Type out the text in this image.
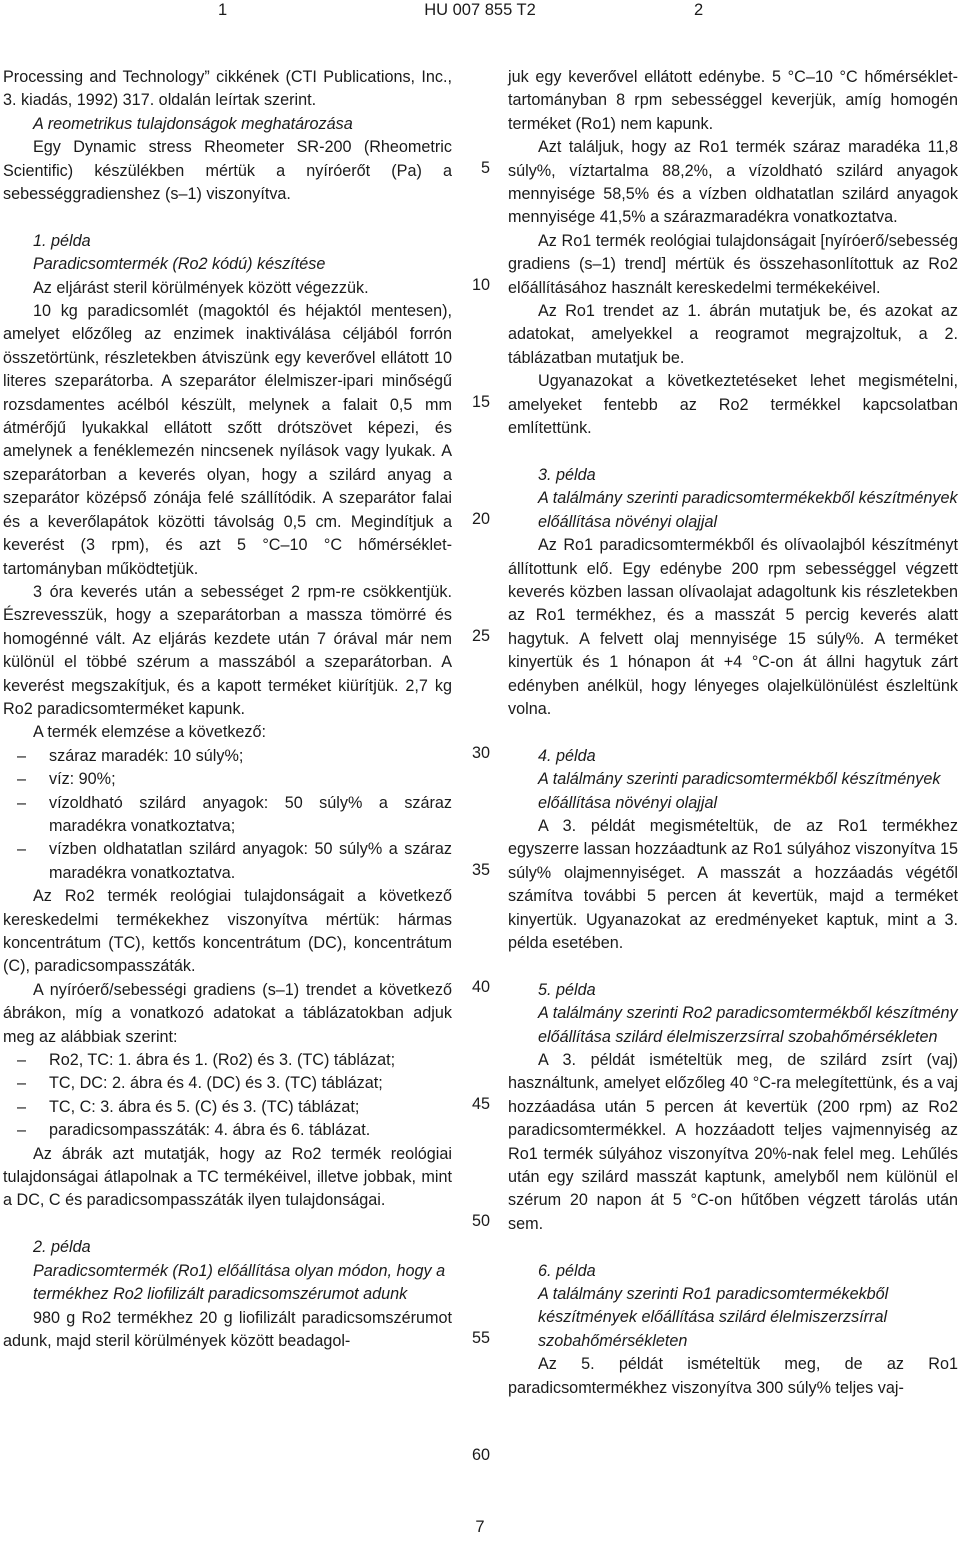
1	HU 007 855 T2	2

Processing and Technology” cikkének (CTI Publications, Inc., 3. kiadás, 1992) 317. oldalán leírtak szerint.

A reometrikus tulajdonságok meghatározása

Egy Dynamic stress Rheometer SR-200 (Rheometric Scientific) készülékben mértük a nyíróerőt (Pa) a sebességgradienshez (s–1) viszonyítva.

1. példa

Paradicsomtermék (Ro2 kódú) készítése

Az eljárást steril körülmények között végezzük.

10 kg paradicsomlét (magoktól és héjaktól mentesen), amelyet előzőleg az enzimek inaktiválása céljából forrón összetörtünk, részletekben átviszünk egy keverővel ellátott 10 literes szeparátorba. A szeparátor élelmiszer-ipari minőségű rozsdamentes acélból készült, melynek a falait 0,5 mm átmérőjű lyukakkal ellátott szőtt drótszövet képezi, és amelynek a fenéklemezén nincsenek nyílások vagy lyukak. A szeparátorban a keverés olyan, hogy a szilárd anyag a szeparátor középső zónája felé szállítódik. A szeparátor falai és a keverőlapátok közötti távolság 0,5 cm. Megindítjuk a keverést (3 rpm), és azt 5 °C–10 °C hőmérséklet-tartományban működtetjük.

3 óra keverés után a sebességet 2 rpm-re csökkentjük. Észrevesszük, hogy a szeparátorban a massza tömörré és homogénné vált. Az eljárás kezdete után 7 órával már nem különül el többé szérum a masszából a szeparátorban. A keverést megszakítjuk, és a kapott terméket kiürítjük. 2,7 kg Ro2 paradicsomterméket kapunk.

A termék elemzése a következő:

– száraz maradék: 10 súly%;
– víz: 90%;
– vízoldható szilárd anyagok: 50 súly% a száraz maradékra vonatkoztatva;
– vízben oldhatatlan szilárd anyagok: 50 súly% a száraz maradékra vonatkoztatva.

Az Ro2 termék reológiai tulajdonságait a következő kereskedelmi termékekhez viszonyítva mértük: hármas koncentrátum (TC), kettős koncentrátum (DC), koncentrátum (C), paradicsompasszáták.

A nyíróerő/sebességi gradiens (s–1) trendet a következő ábrákon, míg a vonatkozó adatokat a táblázatokban adjuk meg az alábbiak szerint:

– Ro2, TC: 1. ábra és 1. (Ro2) és 3. (TC) táblázat;
– TC, DC: 2. ábra és 4. (DC) és 3. (TC) táblázat;
– TC, C: 3. ábra és 5. (C) és 3. (TC) táblázat;
– paradicsompasszáták: 4. ábra és 6. táblázat.

Az ábrák azt mutatják, hogy az Ro2 termék reológiai tulajdonságai átlapolnak a TC termékéivel, illetve jobbak, mint a DC, C és paradicsompasszáták ilyen tulajdonságai.

2. példa

Paradicsomtermék (Ro1) előállítása olyan módon, hogy a termékhez Ro2 liofilizált paradicsomszérumot adunk

980 g Ro2 termékhez 20 g liofilizált paradicsomszérumot adunk, majd steril körülmények között beadagol-

5
10
15
20
25
30
35
40
45
50
55
60

juk egy keverővel ellátott edénybe. 5 °C–10 °C hőmérséklet-tartományban 8 rpm sebességgel keverjük, amíg homogén terméket (Ro1) nem kapunk.

Azt találjuk, hogy az Ro1 termék száraz maradéka 11,8 súly%, víztartalma 88,2%, a vízoldható szilárd anyagok mennyisége 58,5% és a vízben oldhatatlan szilárd anyagok mennyisége 41,5% a szárazmaradékra vonatkoztatva.

Az Ro1 termék reológiai tulajdonságait [nyíróerő/sebesség gradiens (s–1) trend] mértük és összehasonlítottuk az Ro2 előállításához használt kereskedelmi termékekéivel.

Az Ro1 trendet az 1. ábrán mutatjuk be, és azokat az adatokat, amelyekkel a reogramot megrajzoltuk, a 2. táblázatban mutatjuk be.

Ugyanazokat a következtetéseket lehet megismételni, amelyeket fentebb az Ro2 termékkel kapcsolatban említettünk.

3. példa

A találmány szerinti paradicsomtermékekből készítmények előállítása növényi olajjal

Az Ro1 paradicsomtermékből és olívaolajból készítményt állítottunk elő. Egy edénybe 200 rpm sebességgel végzett keverés közben lassan olívaolajat adagoltunk kis részletekben az Ro1 termékhez, és a masszát 5 percig keverés alatt hagytuk. A felvett olaj mennyisége 15 súly%. A terméket kinyertük és 1 hónapon át +4 °C-on át állni hagytuk zárt edényben anélkül, hogy lényeges olajelkülönülést észleltünk volna.

4. példa

A találmány szerinti paradicsomtermékből készítmények előállítása növényi olajjal

A 3. példát megismételtük, de az Ro1 termékhez egyszerre lassan hozzáadtunk az Ro1 súlyához viszonyítva 15 súly% olajmennyiséget. A masszát a hozzáadás végétől számítva további 5 percen át kevertük, majd a terméket kinyertük. Ugyanazokat az eredményeket kaptuk, mint a 3. példa esetében.

5. példa

A találmány szerinti Ro2 paradicsomtermékből készítmény előállítása szilárd élelmiszerzsírral szobahőmérsékleten

A 3. példát ismételtük meg, de szilárd zsírt (vaj) használtunk, amelyet előzőleg 40 °C-ra melegítettünk, és a vaj hozzáadása után 5 percen át kevertük (200 rpm) az Ro2 paradicsomtermékkel. A hozzáadott teljes vajmennyiség az Ro1 termék súlyához viszonyítva 20%-nak felel meg. Lehűlés után egy szilárd masszát kaptunk, amelyből nem különül el szérum 20 napon át 5 °C-on hűtőben végzett tárolás után sem.

6. példa

A találmány szerinti Ro1 paradicsomtermékekből készítmények előállítása szilárd élelmiszerzsírral szobahőmérsékleten

Az 5. példát ismételtük meg, de az Ro1 paradicsomtermékhez viszonyítva 300 súly% teljes vaj-

7
